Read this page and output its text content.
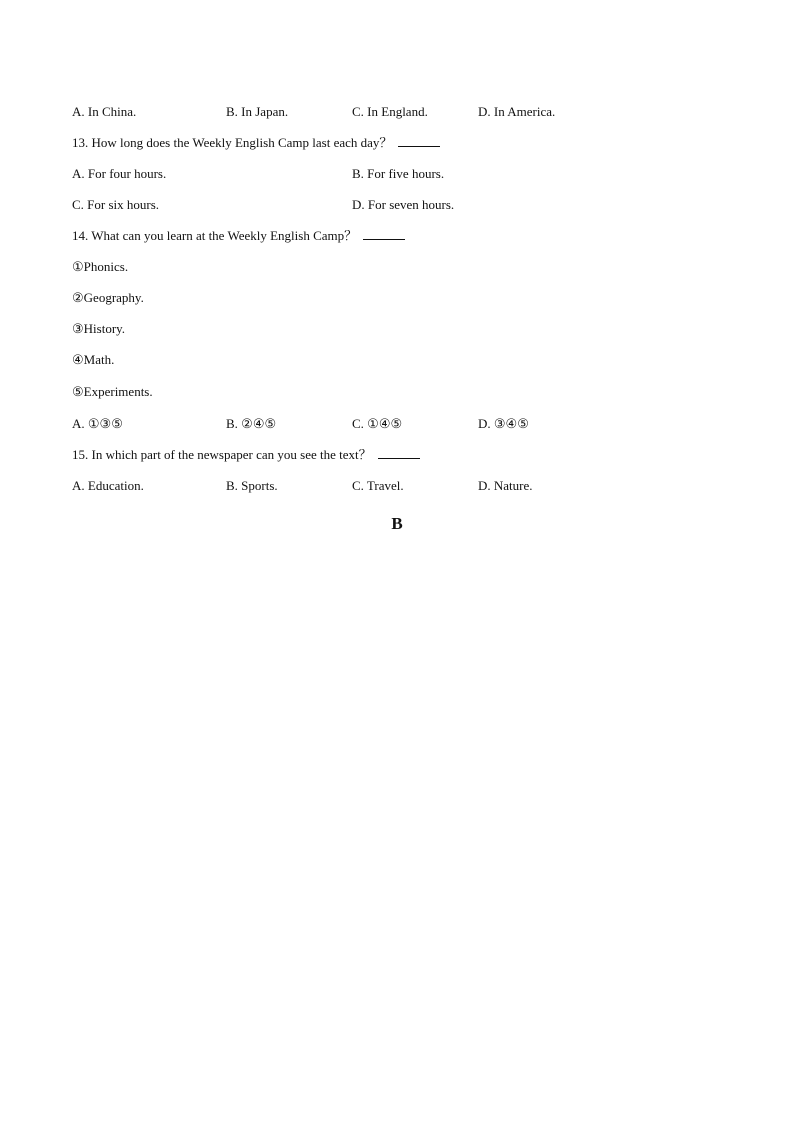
A. In China.	B. In Japan.	C. In England.	D. In America.
13. How long does the Weekly English Camp last each day？
A. For four hours.	B. For five hours.
C. For six hours.	D. For seven hours.
14. What can you learn at the Weekly English Camp？
①Phonics.
②Geography.
③History.
④Math.
⑤Experiments.
A. ①③⑤	B. ②④⑤	C. ①④⑤	D. ③④⑤
15. In which part of the newspaper can you see the text？
A. Education.	B. Sports.	C. Travel.	D. Nature.
B
